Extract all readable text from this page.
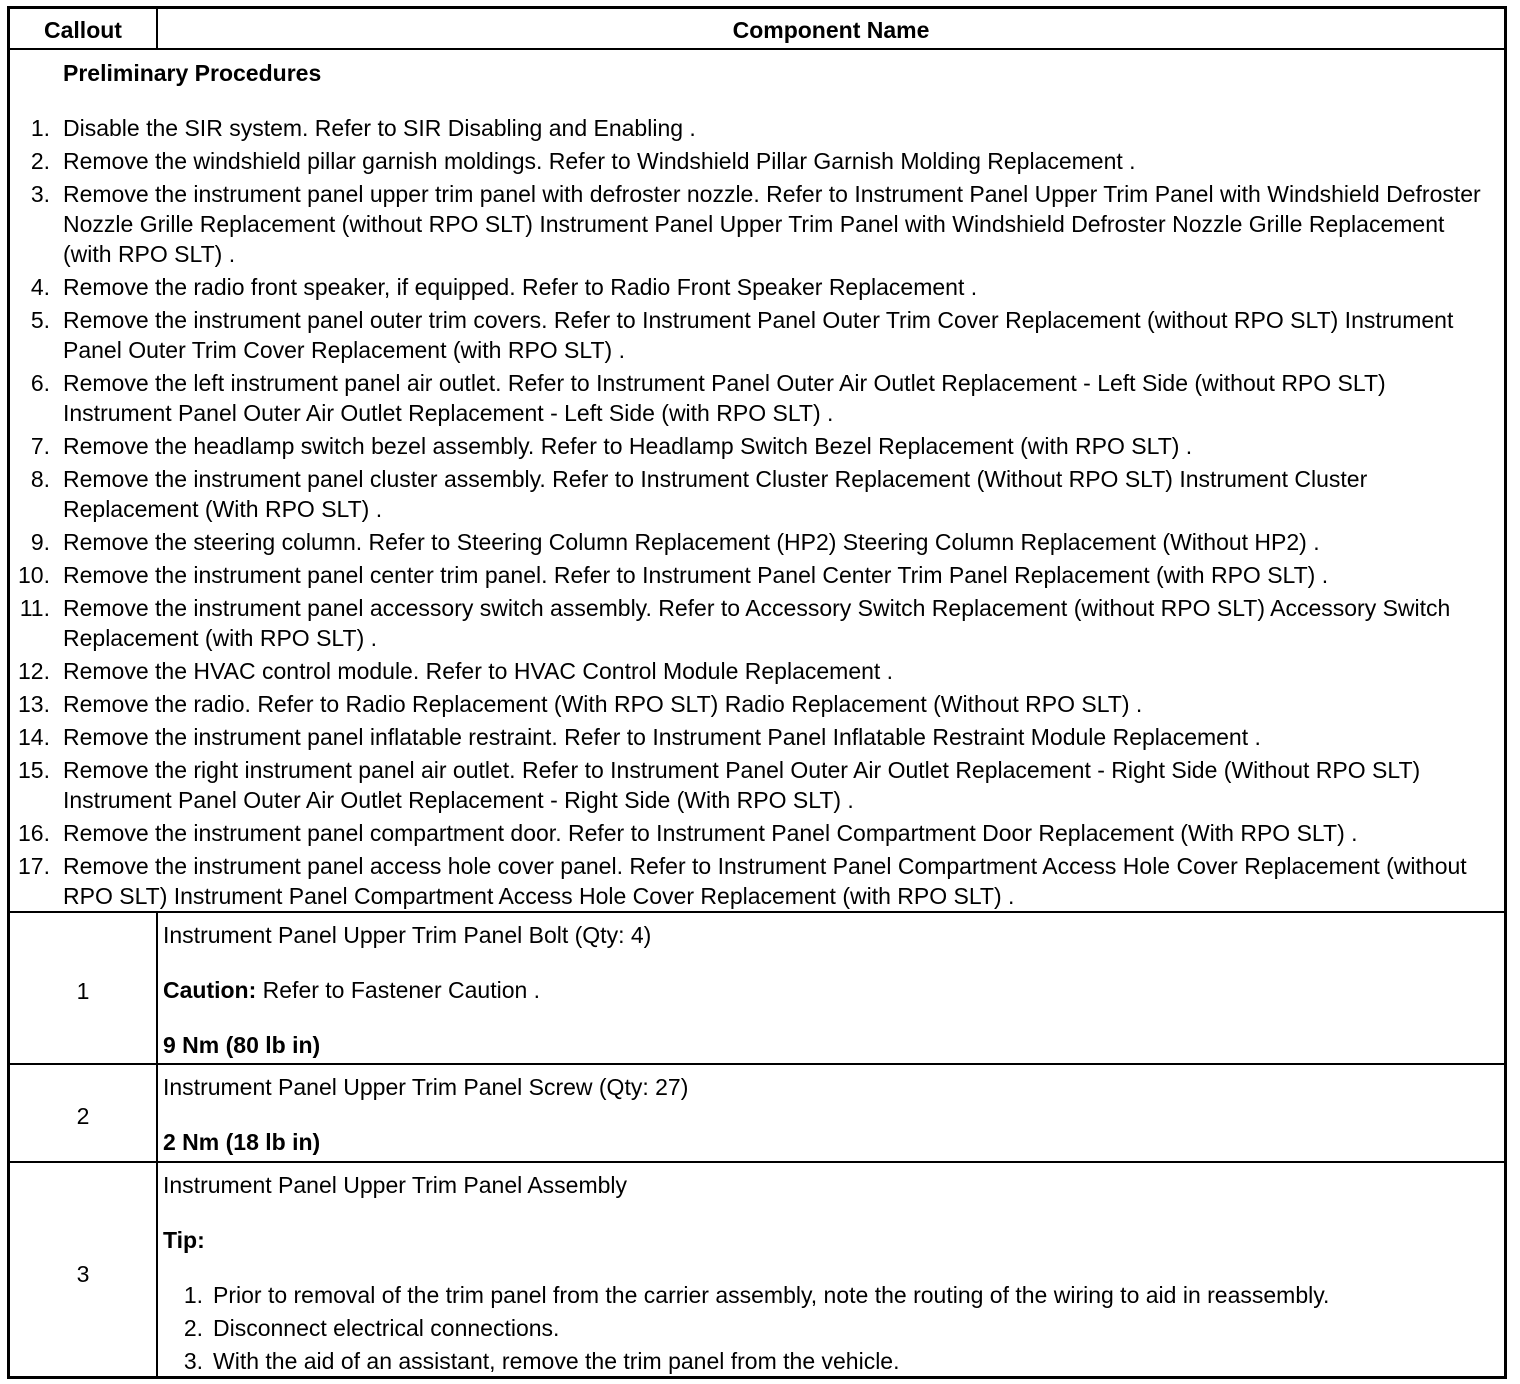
Callout	Component Name
Preliminary Procedures
1. Disable the SIR system. Refer to SIR Disabling and Enabling .
2. Remove the windshield pillar garnish moldings. Refer to Windshield Pillar Garnish Molding Replacement .
3. Remove the instrument panel upper trim panel with defroster nozzle. Refer to Instrument Panel Upper Trim Panel with Windshield Defroster Nozzle Grille Replacement (without RPO SLT) Instrument Panel Upper Trim Panel with Windshield Defroster Nozzle Grille Replacement (with RPO SLT) .
4. Remove the radio front speaker, if equipped. Refer to Radio Front Speaker Replacement .
5. Remove the instrument panel outer trim covers. Refer to Instrument Panel Outer Trim Cover Replacement (without RPO SLT) Instrument Panel Outer Trim Cover Replacement (with RPO SLT) .
6. Remove the left instrument panel air outlet. Refer to Instrument Panel Outer Air Outlet Replacement - Left Side (without RPO SLT) Instrument Panel Outer Air Outlet Replacement - Left Side (with RPO SLT) .
7. Remove the headlamp switch bezel assembly. Refer to Headlamp Switch Bezel Replacement (with RPO SLT) .
8. Remove the instrument panel cluster assembly. Refer to Instrument Cluster Replacement (Without RPO SLT) Instrument Cluster Replacement (With RPO SLT) .
9. Remove the steering column. Refer to Steering Column Replacement (HP2) Steering Column Replacement (Without HP2) .
10. Remove the instrument panel center trim panel. Refer to Instrument Panel Center Trim Panel Replacement (with RPO SLT) .
11. Remove the instrument panel accessory switch assembly. Refer to Accessory Switch Replacement (without RPO SLT) Accessory Switch Replacement (with RPO SLT) .
12. Remove the HVAC control module. Refer to HVAC Control Module Replacement .
13. Remove the radio. Refer to Radio Replacement (With RPO SLT) Radio Replacement (Without RPO SLT) .
14. Remove the instrument panel inflatable restraint. Refer to Instrument Panel Inflatable Restraint Module Replacement .
15. Remove the right instrument panel air outlet. Refer to Instrument Panel Outer Air Outlet Replacement - Right Side (Without RPO SLT) Instrument Panel Outer Air Outlet Replacement - Right Side (With RPO SLT) .
16. Remove the instrument panel compartment door. Refer to Instrument Panel Compartment Door Replacement (With RPO SLT) .
17. Remove the instrument panel access hole cover panel. Refer to Instrument Panel Compartment Access Hole Cover Replacement (without RPO SLT) Instrument Panel Compartment Access Hole Cover Replacement (with RPO SLT) .
1
Instrument Panel Upper Trim Panel Bolt (Qty: 4)
Caution: Refer to Fastener Caution .
9 Nm (80 lb in)
2
Instrument Panel Upper Trim Panel Screw (Qty: 27)
2 Nm (18 lb in)
3
Instrument Panel Upper Trim Panel Assembly
Tip:
1. Prior to removal of the trim panel from the carrier assembly, note the routing of the wiring to aid in reassembly.
2. Disconnect electrical connections.
3. With the aid of an assistant, remove the trim panel from the vehicle.
